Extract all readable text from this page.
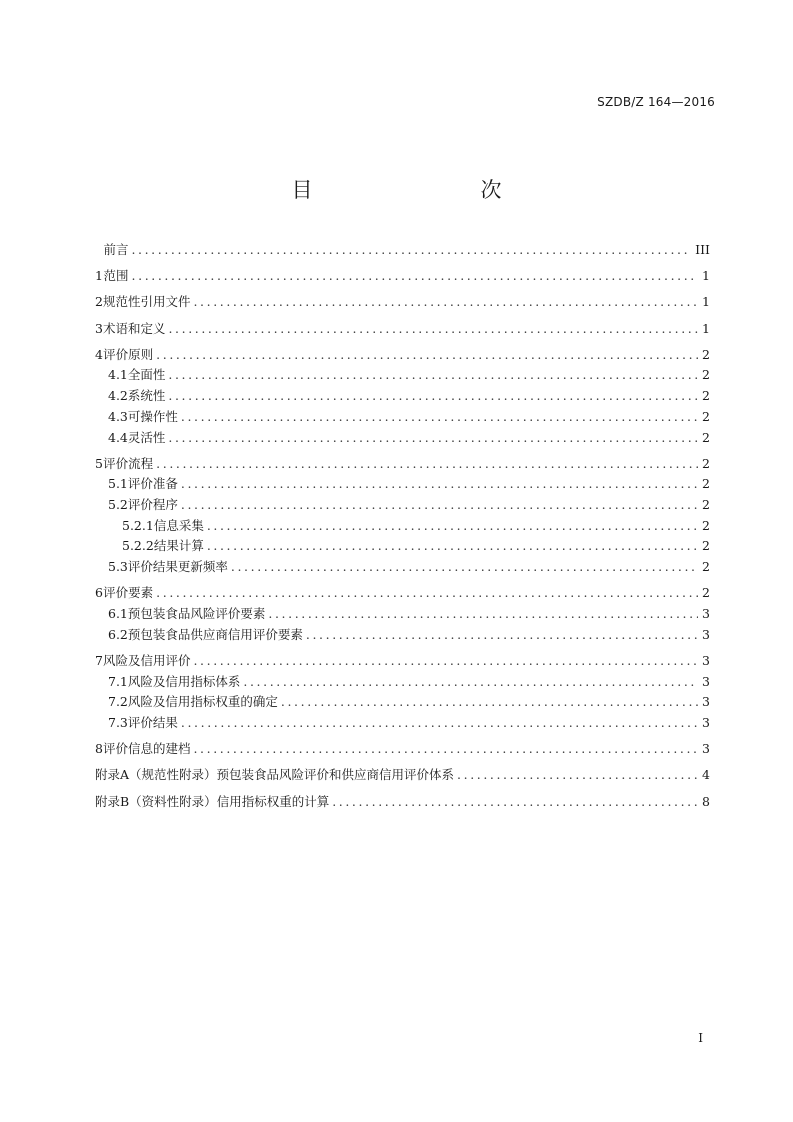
SZDB/Z 164—2016
目　　次
前言 .....	III
1 范围 .....	1
2 规范性引用文件 .....	1
3 术语和定义 .....	1
4 评价原则 .....	2
4.1 全面性 .....	2
4.2 系统性 .....	2
4.3 可操作性 .....	2
4.4 灵活性 .....	2
5 评价流程 .....	2
5.1 评价准备 .....	2
5.2 评价程序 .....	2
5.2.1 信息采集 .....	2
5.2.2 结果计算 .....	2
5.3 评价结果更新频率 .....	2
6 评价要素 .....	2
6.1 预包装食品风险评价要素 .....	3
6.2 预包装食品供应商信用评价要素 .....	3
7 风险及信用评价 .....	3
7.1 风险及信用指标体系 .....	3
7.2 风险及信用指标权重的确定 .....	3
7.3 评价结果 .....	3
8 评价信息的建档 .....	3
附录A（规范性附录） 预包装食品风险评价和供应商信用评价体系 .....	4
附录B（资料性附录） 信用指标权重的计算 .....	8
I
